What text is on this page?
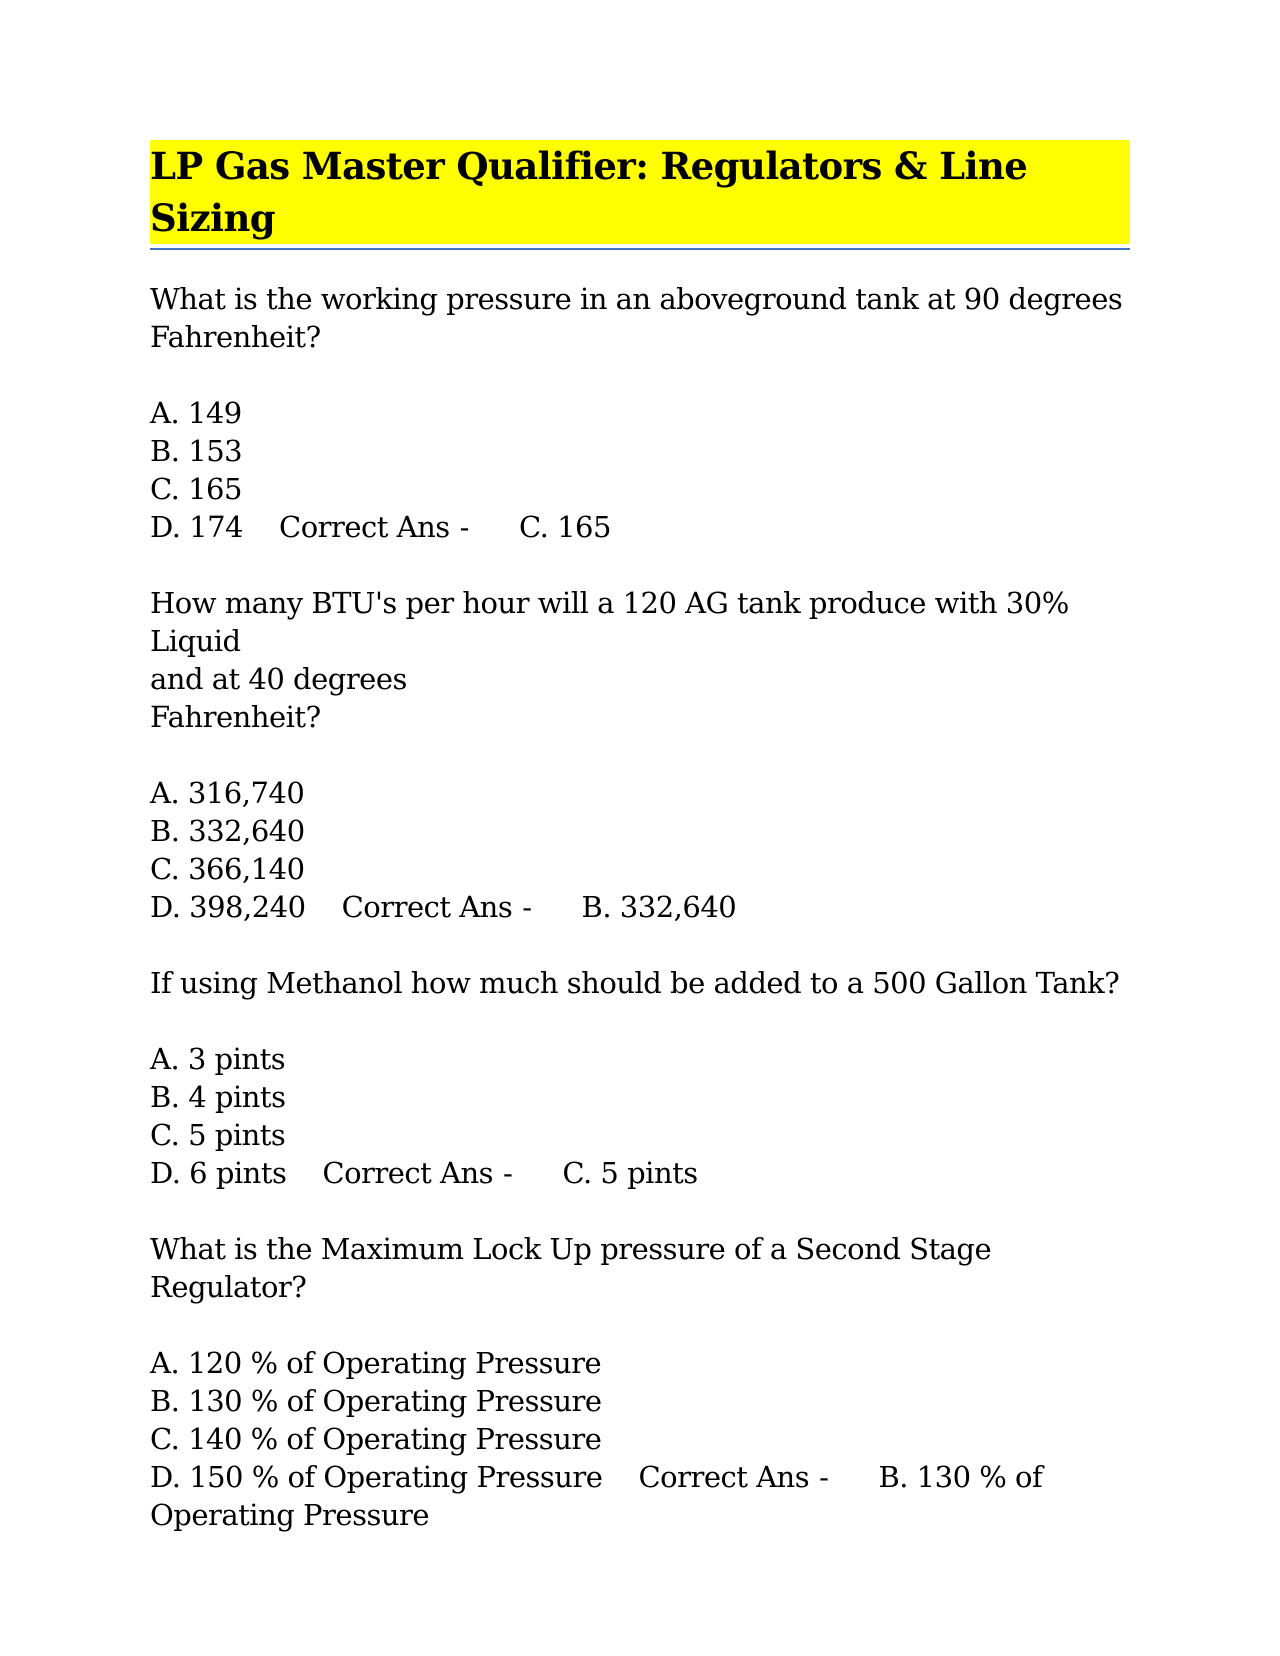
LP Gas Master Qualifier: Regulators & Line Sizing
What is the working pressure in an aboveground tank at 90 degrees
Fahrenheit?
A. 149
B. 153
C. 165
D. 174 Correct Ans - C. 165
How many BTU's per hour will a 120 AG tank produce with 30% Liquid
and at 40 degrees
Fahrenheit?
A. 316,740
B. 332,640
C. 366,140
D. 398,240 Correct Ans - B. 332,640
If using Methanol how much should be added to a 500 Gallon Tank?
A. 3 pints
B. 4 pints
C. 5 pints
D. 6 pints Correct Ans - C. 5 pints
What is the Maximum Lock Up pressure of a Second Stage Regulator?
A. 120 % of Operating Pressure
B. 130 % of Operating Pressure
C. 140 % of Operating Pressure
D. 150 % of Operating Pressure Correct Ans - B. 130 % of Operating Pressure
